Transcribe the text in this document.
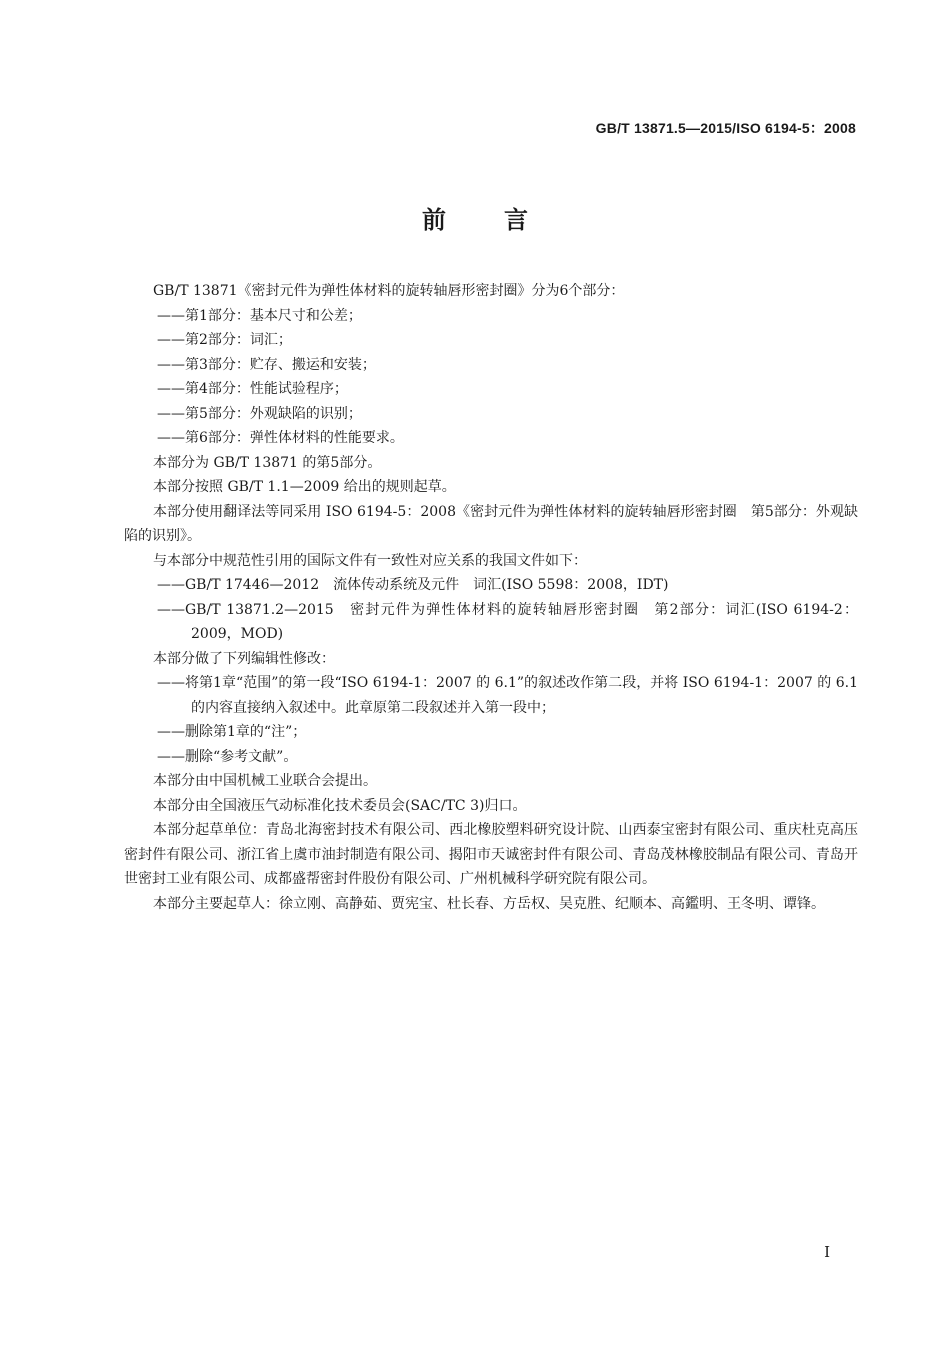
GB/T 13871.5—2015/ISO 6194-5：2008
前言

GB/T 13871《密封元件为弹性体材料的旋转轴唇形密封圈》分为6个部分：

——第1部分：基本尺寸和公差；

——第2部分：词汇；

——第3部分：贮存、搬运和安装；

——第4部分：性能试验程序；

——第5部分：外观缺陷的识别；

——第6部分：弹性体材料的性能要求。

本部分为 GB/T 13871 的第5部分。

本部分按照 GB/T 1.1—2009 给出的规则起草。

本部分使用翻译法等同采用 ISO 6194-5：2008《密封元件为弹性体材料的旋转轴唇形密封圈　第5部分：外观缺陷的识别》。

与本部分中规范性引用的国际文件有一致性对应关系的我国文件如下：

——GB/T 17446—2012　流体传动系统及元件　词汇(ISO 5598：2008，IDT)

——GB/T 13871.2—2015　密封元件为弹性体材料的旋转轴唇形密封圈　第2部分：词汇(ISO 6194-2：2009，MOD)

本部分做了下列编辑性修改：

——将第1章“范围”的第一段“ISO 6194-1：2007 的 6.1”的叙述改作第二段，并将 ISO 6194-1：2007 的 6.1 的内容直接纳入叙述中。此章原第二段叙述并入第一段中；

——删除第1章的“注”；

——删除“参考文献”。

本部分由中国机械工业联合会提出。

本部分由全国液压气动标准化技术委员会(SAC/TC 3)归口。

本部分起草单位：青岛北海密封技术有限公司、西北橡胶塑料研究设计院、山西泰宝密封有限公司、重庆杜克高压密封件有限公司、浙江省上虞市油封制造有限公司、揭阳市天诚密封件有限公司、青岛茂林橡胶制品有限公司、青岛开世密封工业有限公司、成都盛帮密封件股份有限公司、广州机械科学研究院有限公司。

本部分主要起草人：徐立刚、高静茹、贾宪宝、杜长春、方岳权、吴克胜、纪顺本、高鑑明、王冬明、谭锋。

I
